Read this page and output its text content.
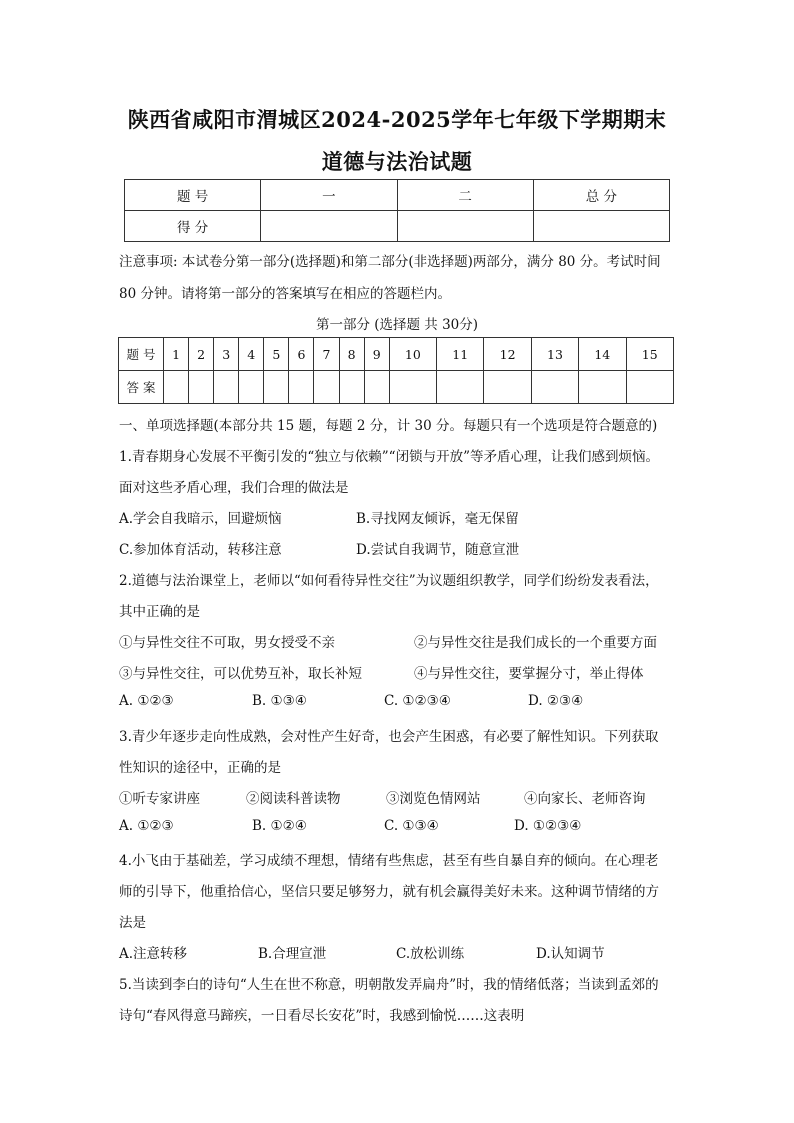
陕西省咸阳市渭城区2024-2025学年七年级下学期期末
道德与法治试题
题 号	一	二	总 分
得 分			
注意事项: 本试卷分第一部分(选择题)和第二部分(非选择题)两部分，满分 80 分。考试时间
80 分钟。请将第一部分的答案填写在相应的答题栏内。
第一部分 (选择题 共 30分)
题 号	1	2	3	4	5	6	7	8	9	10	11	12	13	14	15
答 案															
一、单项选择题(本部分共 15 题，每题 2 分，计 30 分。每题只有一个选项是符合题意的)
1.青春期身心发展不平衡引发的“独立与依赖”“闭锁与开放”等矛盾心理，让我们感到烦恼。
面对这些矛盾心理，我们合理的做法是
A.学会自我暗示，回避烦恼	B.寻找网友倾诉，毫无保留
C.参加体育活动，转移注意	D.尝试自我调节，随意宣泄
2.道德与法治课堂上，老师以“如何看待异性交往”为议题组织教学，同学们纷纷发表看法，
其中正确的是
①与异性交往不可取，男女授受不亲	②与异性交往是我们成长的一个重要方面
③与异性交往，可以优势互补，取长补短	④与异性交往，要掌握分寸，举止得体
A. ①②③	B. ①③④	C. ①②③④	D. ②③④
3.青少年逐步走向性成熟，会对性产生好奇，也会产生困惑，有必要了解性知识。下列获取
性知识的途径中，正确的是
①听专家讲座	②阅读科普读物	③浏览色情网站	④向家长、老师咨询
A. ①②③	B. ①②④	C. ①③④	D. ①②③④
4.小飞由于基础差，学习成绩不理想，情绪有些焦虑，甚至有些自暴自弃的倾向。在心理老
师的引导下，他重拾信心，坚信只要足够努力，就有机会赢得美好未来。这种调节情绪的方
法是
A.注意转移	B.合理宣泄	C.放松训练	D.认知调节
5.当读到李白的诗句“人生在世不称意，明朝散发弄扁舟”时，我的情绪低落；当读到孟郊的
诗句“春风得意马蹄疾，一日看尽长安花”时，我感到愉悦……这表明
